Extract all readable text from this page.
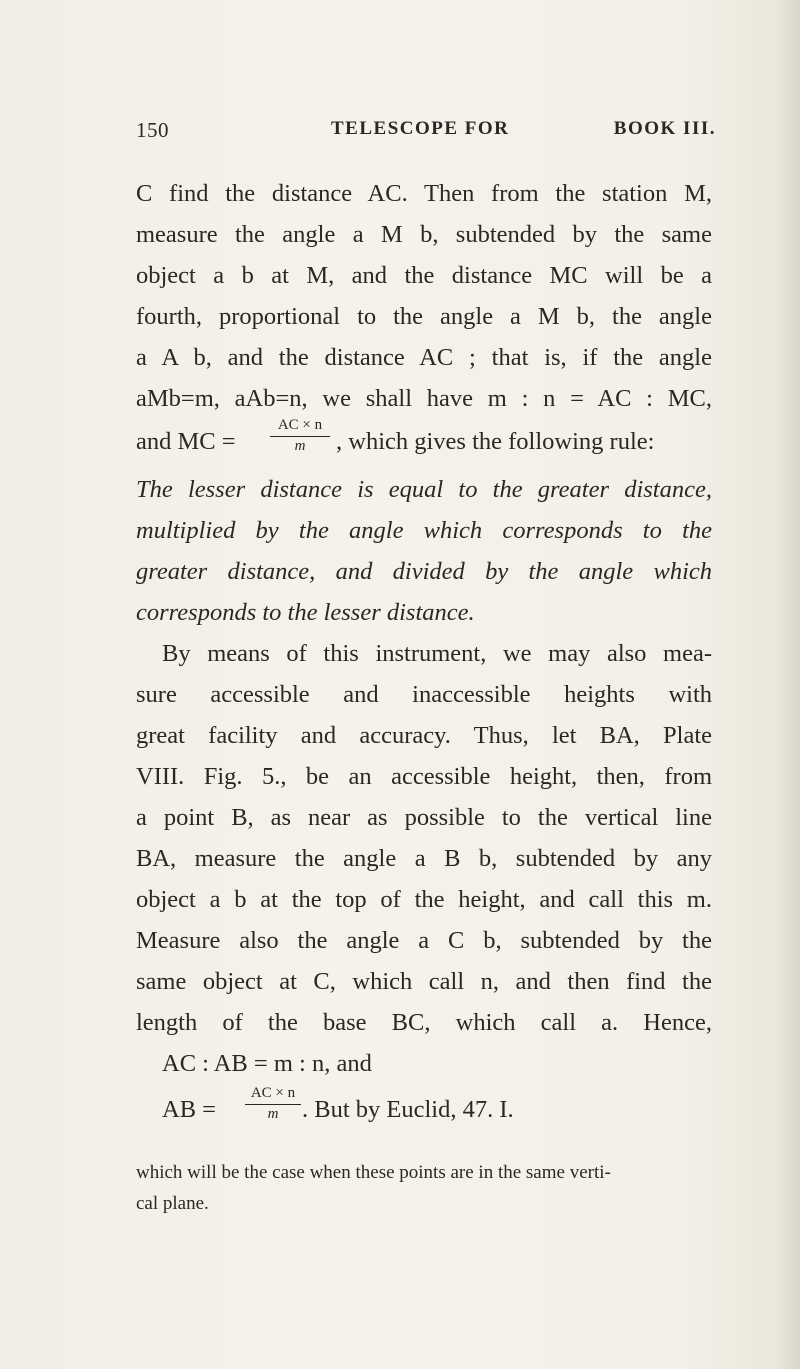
150	TELESCOPE FOR	BOOK III.
C find the distance AC. Then from the station M,
measure the angle a M b, subtended by the same
object a b at M, and the distance MC will be a
fourth, proportional to the angle a M b, the angle
a A b, and the distance AC ; that is, if the angle
aMb=m, aAb=n, we shall have m : n = AC : MC,
and MC =
AC × n
m	, which gives the following rule:
The lesser distance is equal to the greater distance,
multiplied by the angle which corresponds to the
greater distance, and divided by the angle which
corresponds to the lesser distance.
By means of this instrument, we may also mea-
sure accessible and inaccessible heights with
great facility and accuracy. Thus, let BA, Plate
VIII. Fig. 5., be an accessible height, then, from
a point B, as near as possible to the vertical line
BA, measure the angle a B b, subtended by any
object a b at the top of the height, and call this m.
Measure also the angle a C b, subtended by the
same object at C, which call n, and then find the
length of the base BC, which call a. Hence,
AC : AB = m : n, and
AB =
AC × n
m . But by Euclid, 47. I.
which will be the case when these points are in the same verti-
cal plane.
